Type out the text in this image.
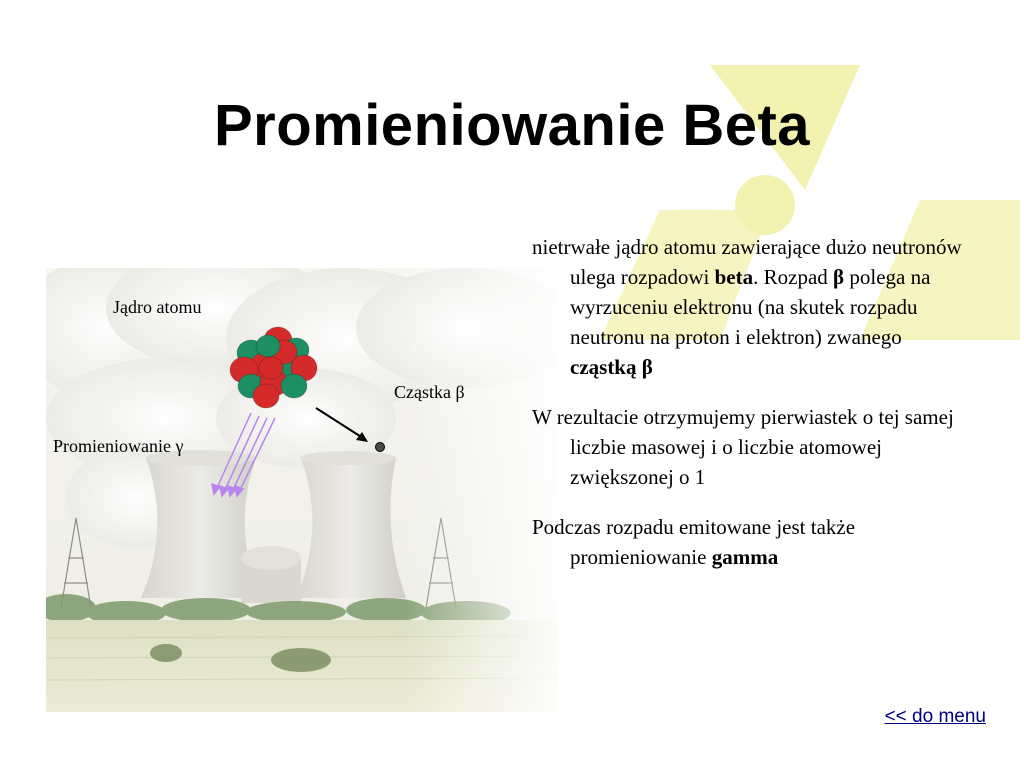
Promieniowanie Beta
Jądro atomu
Cząstka β
Promieniowanie γ

nietrwałe jądro atomu zawierające dużo neutronów ulega rozpadowi beta. Rozpad β polega na wyrzuceniu elektronu (na skutek rozpadu neutronu na proton i elektron) zwanego cząstką β

W rezultacie otrzymujemy pierwiastek o tej samej liczbie masowej i o liczbie atomowej zwiększonej o 1

Podczas rozpadu emitowane jest także promieniowanie gamma

<< do menu
